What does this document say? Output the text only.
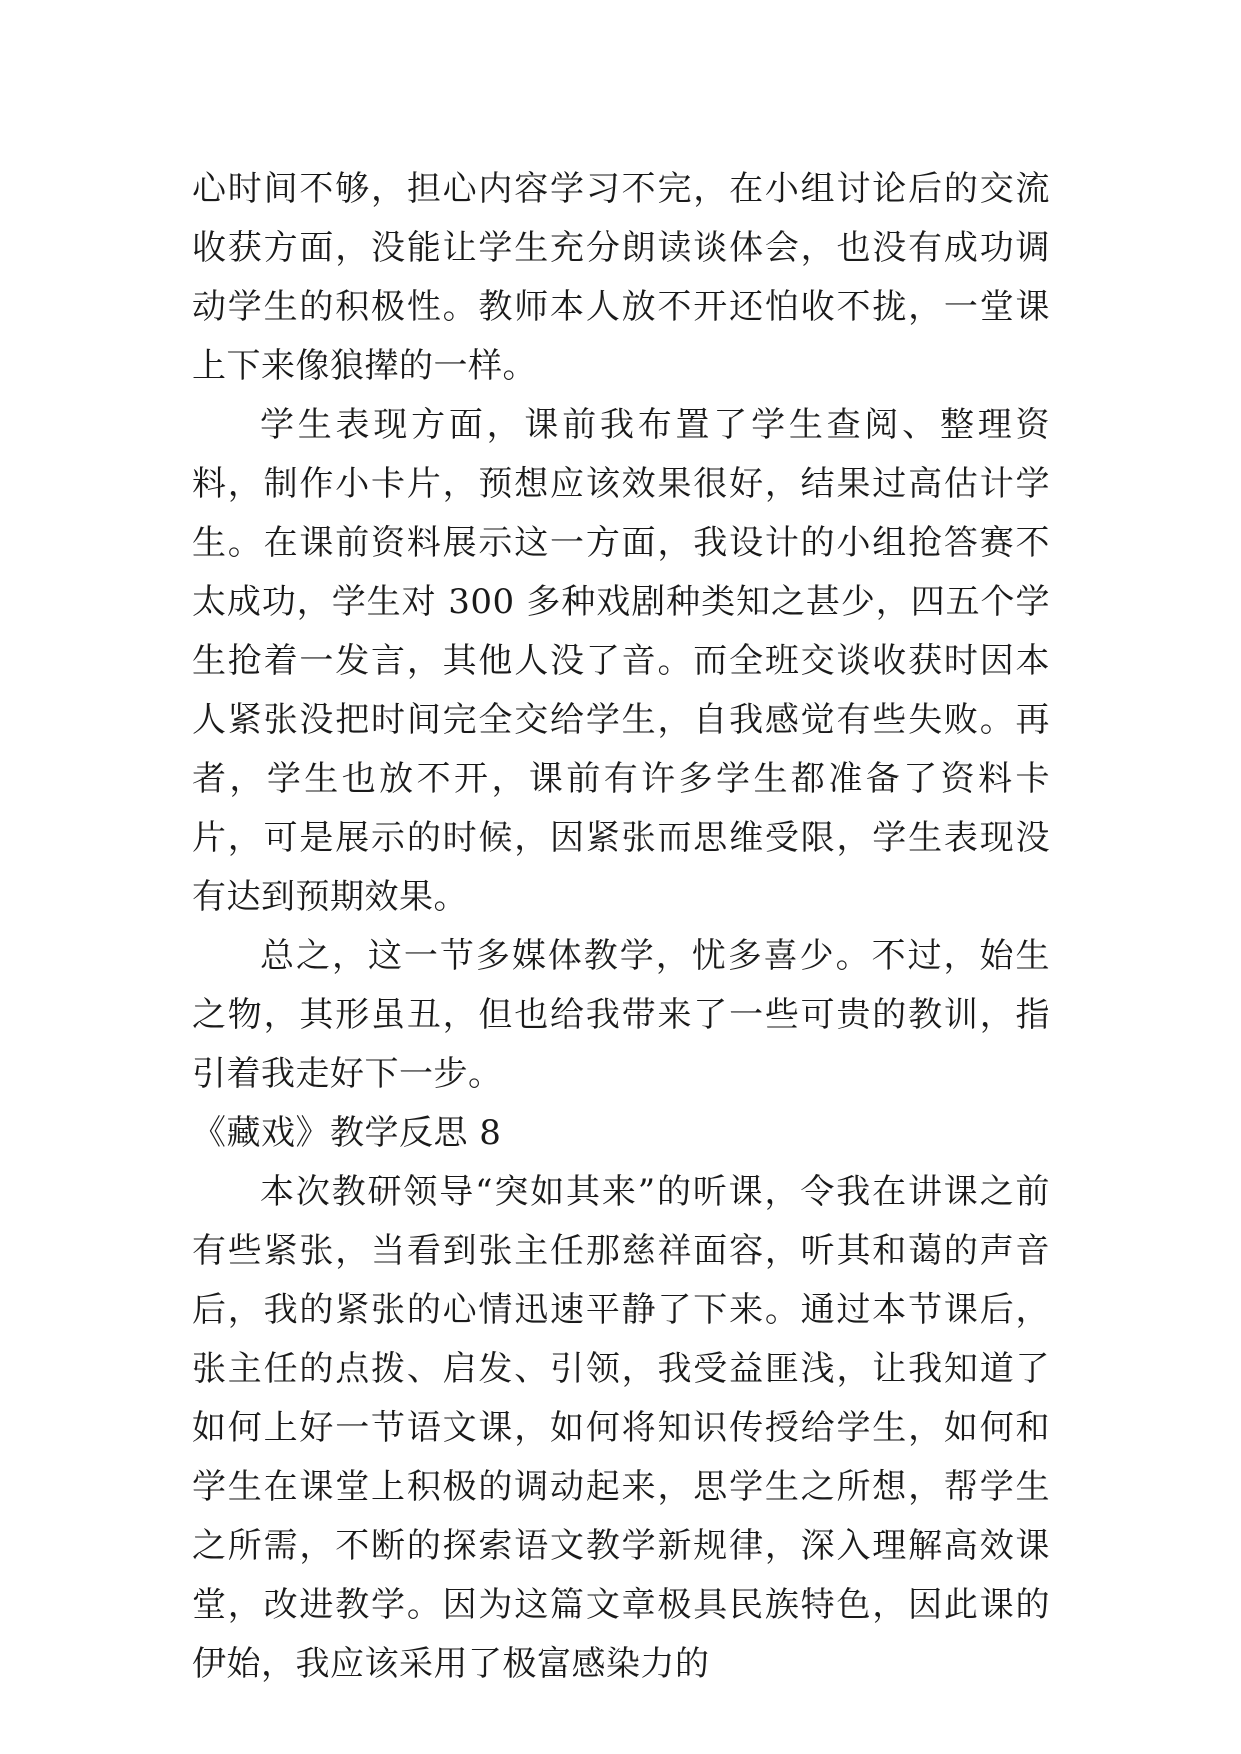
心时间不够，担心内容学习不完，在小组讨论后的交流收获方面，没能让学生充分朗读谈体会，也没有成功调动学生的积极性。教师本人放不开还怕收不拢，一堂课上下来像狼撵的一样。

学生表现方面，课前我布置了学生查阅、整理资料，制作小卡片，预想应该效果很好，结果过高估计学生。在课前资料展示这一方面，我设计的小组抢答赛不太成功，学生对 300 多种戏剧种类知之甚少，四五个学生抢着一发言，其他人没了音。而全班交谈收获时因本人紧张没把时间完全交给学生，自我感觉有些失败。再者，学生也放不开，课前有许多学生都准备了资料卡片，可是展示的时候，因紧张而思维受限，学生表现没有达到预期效果。

总之，这一节多媒体教学，忧多喜少。不过，始生之物，其形虽丑，但也给我带来了一些可贵的教训，指引着我走好下一步。

《藏戏》教学反思 8

本次教研领导“突如其来”的听课，令我在讲课之前有些紧张，当看到张主任那慈祥面容，听其和蔼的声音后，我的紧张的心情迅速平静了下来。通过本节课后，张主任的点拨、启发、引领，我受益匪浅，让我知道了如何上好一节语文课，如何将知识传授给学生，如何和学生在课堂上积极的调动起来，思学生之所想，帮学生之所需，不断的探索语文教学新规律，深入理解高效课堂，改进教学。因为这篇文章极具民族特色，因此课的伊始，我应该采用了极富感染力的
